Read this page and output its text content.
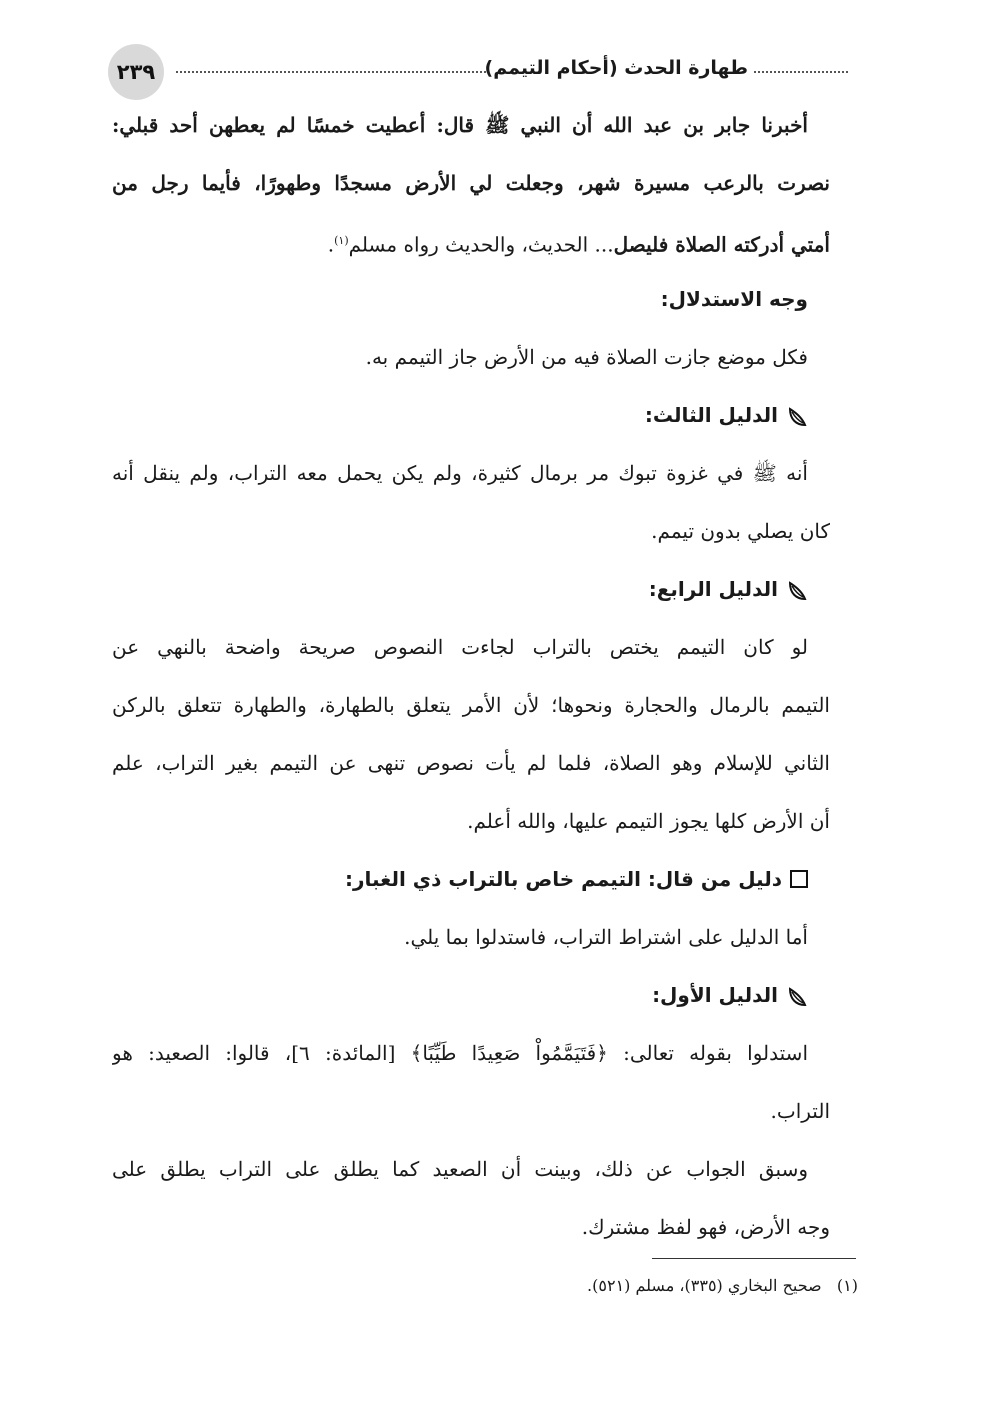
٢٣٩	طهارة الحدث (أحكام التيمم)
أخبرنا جابر بن عبد الله أن النبي ﷺ قال: أعطيت خمسًا لم يعطهن أحد قبلي:
نصرت بالرعب مسيرة شهر، وجعلت لي الأرض مسجدًا وطهورًا، فأيما رجل من
أمتي أدركته الصلاة فليصل... الحديث، والحديث رواه مسلم$^{(١)}$.
وجه الاستدلال:
فكل موضع جازت الصلاة فيه من الأرض جاز التيمم به.
الدليل الثالث:
أنه ﷺ في غزوة تبوك مر برمال كثيرة، ولم يكن يحمل معه التراب، ولم ينقل أنه
كان يصلي بدون تيمم.
الدليل الرابع:
لو كان التيمم يختص بالتراب لجاءت النصوص صريحة واضحة بالنهي عن
التيمم بالرمال والحجارة ونحوها؛ لأن الأمر يتعلق بالطهارة، والطهارة تتعلق بالركن
الثاني للإسلام وهو الصلاة، فلما لم يأت نصوص تنهى عن التيمم بغير التراب، علم
أن الأرض كلها يجوز التيمم عليها، والله أعلم.
دليل من قال: التيمم خاص بالتراب ذي الغبار:
أما الدليل على اشتراط التراب، فاستدلوا بما يلي.
الدليل الأول:
استدلوا بقوله تعالى: ﴿فَتَيَمَّمُواْ صَعِيدًا طَيِّبًا﴾ [المائدة: ٦]، قالوا: الصعيد: هو
التراب.
وسبق الجواب عن ذلك، وبينت أن الصعيد كما يطلق على التراب يطلق على
وجه الأرض، فهو لفظ مشترك.
(١)   صحيح البخاري (٣٣٥)، مسلم (٥٢١).
